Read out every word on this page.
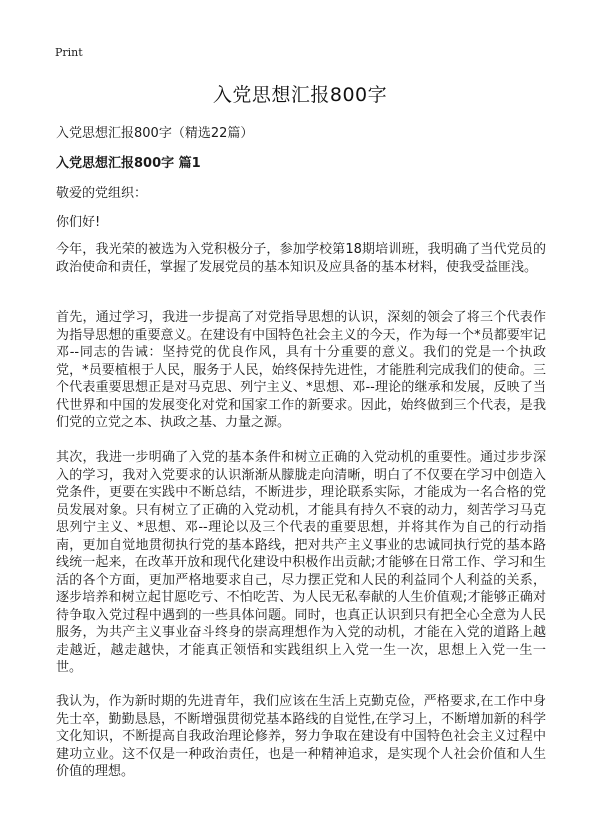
Print
入党思想汇报800字

入党思想汇报800字（精选22篇）

入党思想汇报800字 篇1

敬爱的党组织：

你们好!

今年，我光荣的被选为入党积极分子，参加学校第18期培训班，我明确了当代党员的政治使命和责任，掌握了发展党员的基本知识及应具备的基本材料，使我受益匪浅。

首先，通过学习，我进一步提高了对党指导思想的认识，深刻的领会了将三个代表作为指导思想的重要意义。在建设有中国特色社会主义的今天，作为每一个*员都要牢记邓--同志的告诫：坚持党的优良作风，具有十分重要的意义。我们的党是一个执政党，*员要植根于人民，服务于人民，始终保持先进性，才能胜利完成我们的使命。三个代表重要思想正是对马克思、列宁主义、*思想、邓--理论的继承和发展，反映了当代世界和中国的发展变化对党和国家工作的新要求。因此，始终做到三个代表，是我们党的立党之本、执政之基、力量之源。

其次，我进一步明确了入党的基本条件和树立正确的入党动机的重要性。通过步步深入的学习，我对入党要求的认识渐渐从朦胧走向清晰，明白了不仅要在学习中创造入党条件，更要在实践中不断总结，不断进步，理论联系实际，才能成为一名合格的党员发展对象。只有树立了正确的入党动机，才能具有持久不衰的动力，刻苦学习马克思列宁主义、*思想、邓--理论以及三个代表的重要思想，并将其作为自己的行动指南，更加自觉地贯彻执行党的基本路线，把对共产主义事业的忠诚同执行党的基本路线统一起来，在改革开放和现代化建设中积极作出贡献;才能够在日常工作、学习和生活的各个方面，更加严格地要求自己，尽力摆正党和人民的利益同个人利益的关系，逐步培养和树立起甘愿吃亏、不怕吃苦、为人民无私奉献的人生价值观;才能够正确对待争取入党过程中遇到的一些具体问题。同时，也真正认识到只有把全心全意为人民服务，为共产主义事业奋斗终身的崇高理想作为入党的动机，才能在入党的道路上越走越近，越走越快，才能真正领悟和实践组织上入党一生一次，思想上入党一生一世。

我认为，作为新时期的先进青年，我们应该在生活上克勤克俭，严格要求,在工作中身先士卒，勤勤恳恳，不断增强贯彻党基本路线的自觉性,在学习上，不断增加新的科学文化知识，不断提高自我政治理论修养，努力争取在建设有中国特色社会主义过程中建功立业。这不仅是一种政治责任，也是一种精神追求，是实现个人社会价值和人生价值的理想。
